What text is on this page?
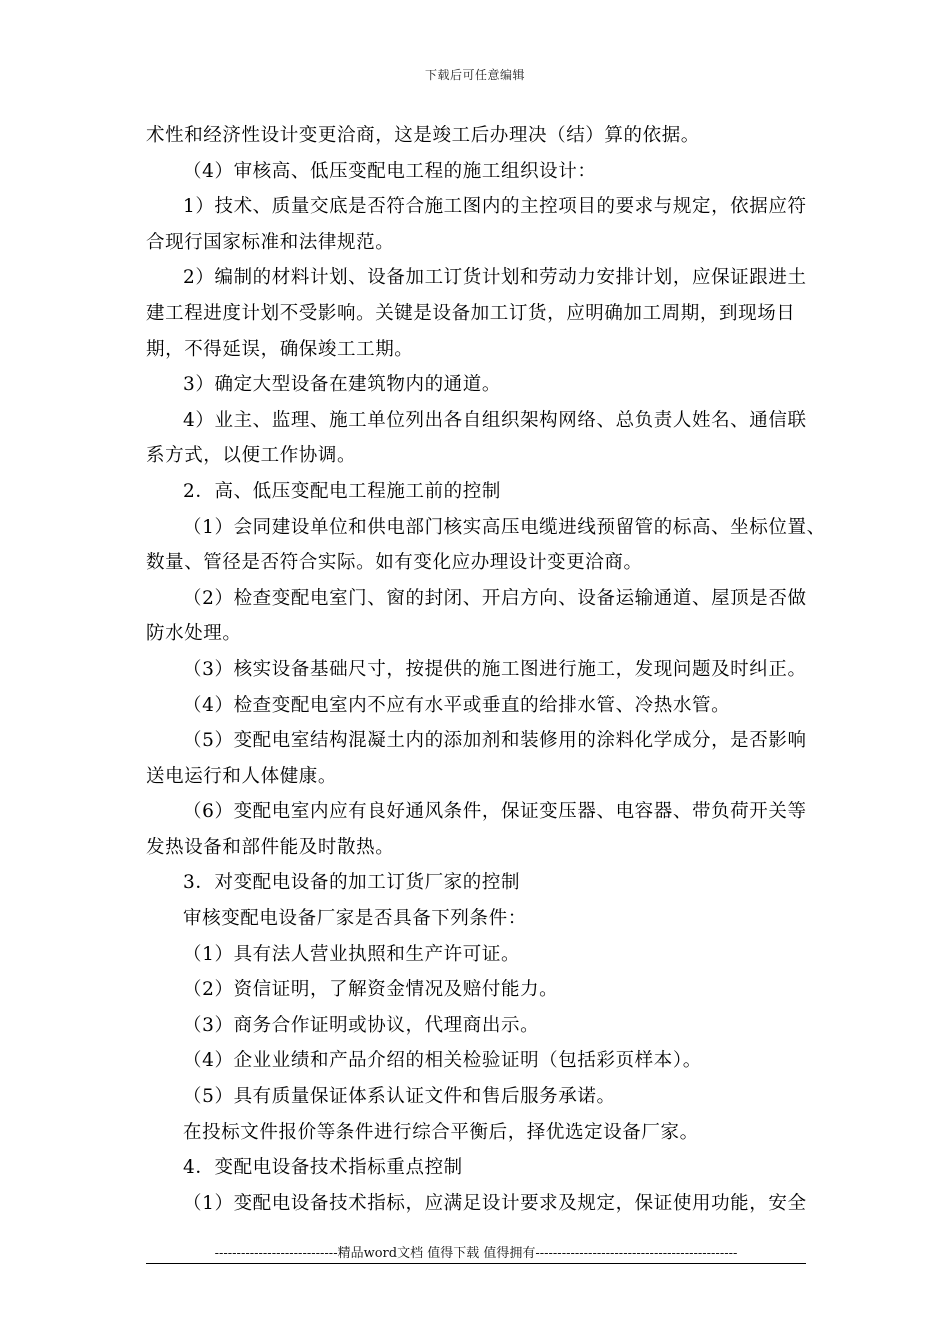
下载后可任意编辑
术性和经济性设计变更洽商，这是竣工后办理决（结）算的依据。
（4）审核高、低压变配电工程的施工组织设计：
1）技术、质量交底是否符合施工图内的主控项目的要求与规定，依据应符
合现行国家标准和法律规范。
2）编制的材料计划、设备加工订货计划和劳动力安排计划，应保证跟进土
建工程进度计划不受影响。关键是设备加工订货，应明确加工周期，到现场日
期，不得延误，确保竣工工期。
3）确定大型设备在建筑物内的通道。
4）业主、监理、施工单位列出各自组织架构网络、总负责人姓名、通信联
系方式，以便工作协调。
2．高、低压变配电工程施工前的控制
（1）会同建设单位和供电部门核实高压电缆进线预留管的标高、坐标位置、
数量、管径是否符合实际。如有变化应办理设计变更洽商。
（2）检查变配电室门、窗的封闭、开启方向、设备运输通道、屋顶是否做
防水处理。
（3）核实设备基础尺寸，按提供的施工图进行施工，发现问题及时纠正。
（4）检查变配电室内不应有水平或垂直的给排水管、冷热水管。
（5）变配电室结构混凝土内的添加剂和装修用的涂料化学成分，是否影响
送电运行和人体健康。
（6）变配电室内应有良好通风条件，保证变压器、电容器、带负荷开关等
发热设备和部件能及时散热。
3．对变配电设备的加工订货厂家的控制
审核变配电设备厂家是否具备下列条件：
（1）具有法人营业执照和生产许可证。
（2）资信证明，了解资金情况及赔付能力。
（3）商务合作证明或协议，代理商出示。
（4）企业业绩和产品介绍的相关检验证明（包括彩页样本）。
（5）具有质量保证体系认证文件和售后服务承诺。
在投标文件报价等条件进行综合平衡后，择优选定设备厂家。
4．变配电设备技术指标重点控制
（1）变配电设备技术指标，应满足设计要求及规定，保证使用功能，安全
----------------------------精品word文档 值得下载 值得拥有----------------------------------------------
